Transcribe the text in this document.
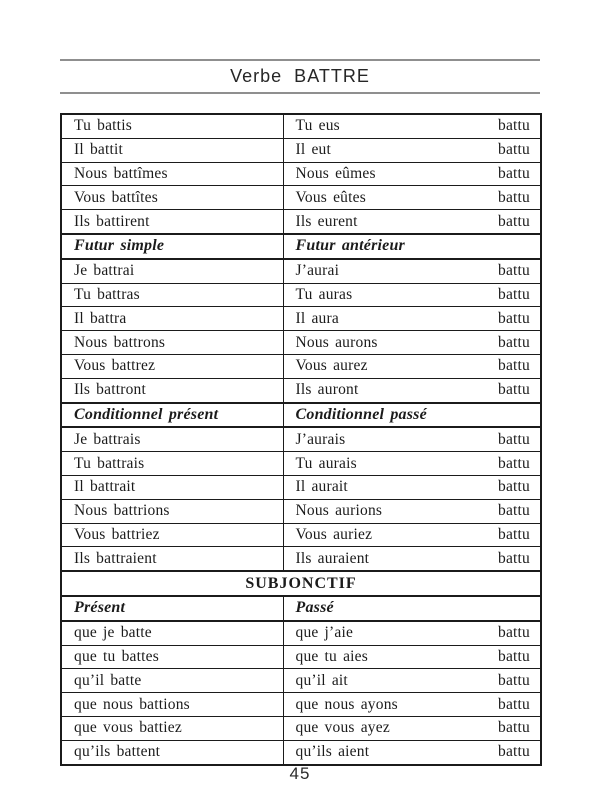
Verbe  BATTRE
Tu battis	Tu eus battu

Il battit	Il eut battu

Nous battîmes	Nous eûmes battu

Vous battîtes	Vous eûtes battu

Ils battirent	Ils eurent battu

Futur simple	Futur antérieur
Je battrai	J’aurai battu

Tu battras	Tu auras battu

Il battra	Il aura battu

Nous battrons	Nous aurons battu

Vous battrez	Vous aurez battu

Ils battront	Ils auront battu

Conditionnel présent	Conditionnel passé
Je battrais	J’aurais battu

Tu battrais	Tu aurais battu

Il battrait	Il aurait battu

Nous battrions	Nous aurions battu

Vous battriez	Vous auriez battu

Ils battraient	Ils auraient battu

SUBJONCTIF	
Présent	Passé
que je batte	que j’aie battu

que tu battes	que tu aies battu

qu’il batte	qu’il ait battu

que nous battions	que nous ayons battu

que vous battiez	que vous ayez battu

qu’ils battent	qu’ils aient battu
45
